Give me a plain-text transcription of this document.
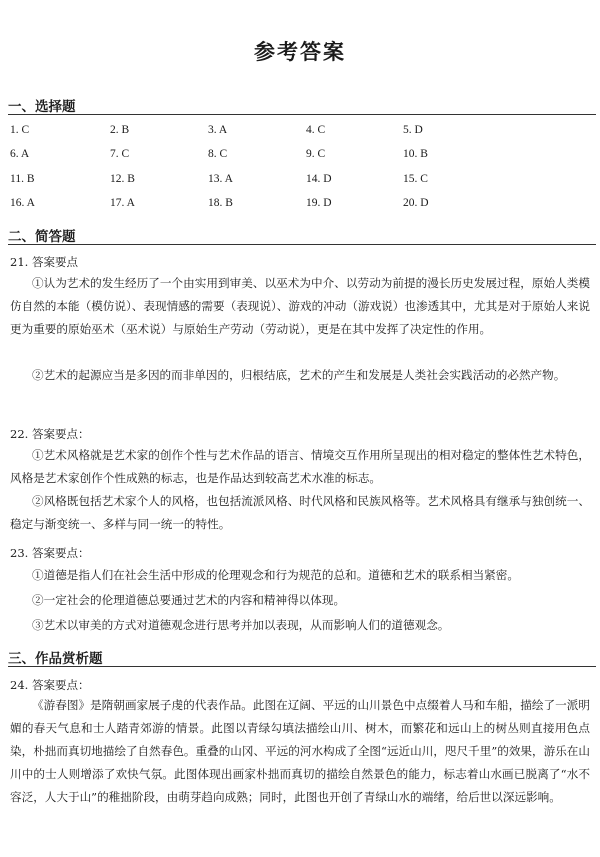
参考答案
一、选择题
1. C	2. B	3. A	4. C	5. D
6. A	7. C	8. C	9. C	10. B
11. B	12. B	13. A	14. D	15. C
16. A	17. A	18. B	19. D	20. D
二、简答题
21. 答案要点
①认为艺术的发生经历了一个由实用到审美、以巫术为中介、以劳动为前提的漫长历史发展过程，原始人类模仿自然的本能（模仿说）、表现情感的需要（表现说）、游戏的冲动（游戏说）也渗透其中，尤其是对于原始人来说更为重要的原始巫术（巫术说）与原始生产劳动（劳动说），更是在其中发挥了决定性的作用。
②艺术的起源应当是多因的而非单因的，归根结底，艺术的产生和发展是人类社会实践活动的必然产物。
22. 答案要点：
①艺术风格就是艺术家的创作个性与艺术作品的语言、情境交互作用所呈现出的相对稳定的整体性艺术特色，风格是艺术家创作个性成熟的标志，也是作品达到较高艺术水准的标志。
②风格既包括艺术家个人的风格，也包括流派风格、时代风格和民族风格等。艺术风格具有继承与独创统一、稳定与渐变统一、多样与同一统一的特性。
23. 答案要点：
①道德是指人们在社会生活中形成的伦理观念和行为规范的总和。道德和艺术的联系相当紧密。
②一定社会的伦理道德总要通过艺术的内容和精神得以体现。
③艺术以审美的方式对道德观念进行思考并加以表现，从而影响人们的道德观念。
三、作品赏析题
24. 答案要点：
《游春图》是隋朝画家展子虔的代表作品。此图在辽阔、平远的山川景色中点缀着人马和车船，描绘了一派明媚的春天气息和士人踏青郊游的情景。此图以青绿勾填法描绘山川、树木，而繁花和远山上的树丛则直接用色点染，朴拙而真切地描绘了自然春色。重叠的山冈、平远的河水构成了全图“远近山川，咫尺千里”的效果，游乐在山川中的士人则增添了欢快气氛。此图体现出画家朴拙而真切的描绘自然景色的能力，标志着山水画已脱离了“水不容泛，人大于山”的稚拙阶段，由萌芽趋向成熟；同时，此图也开创了青绿山水的端绪，给后世以深远影响。
